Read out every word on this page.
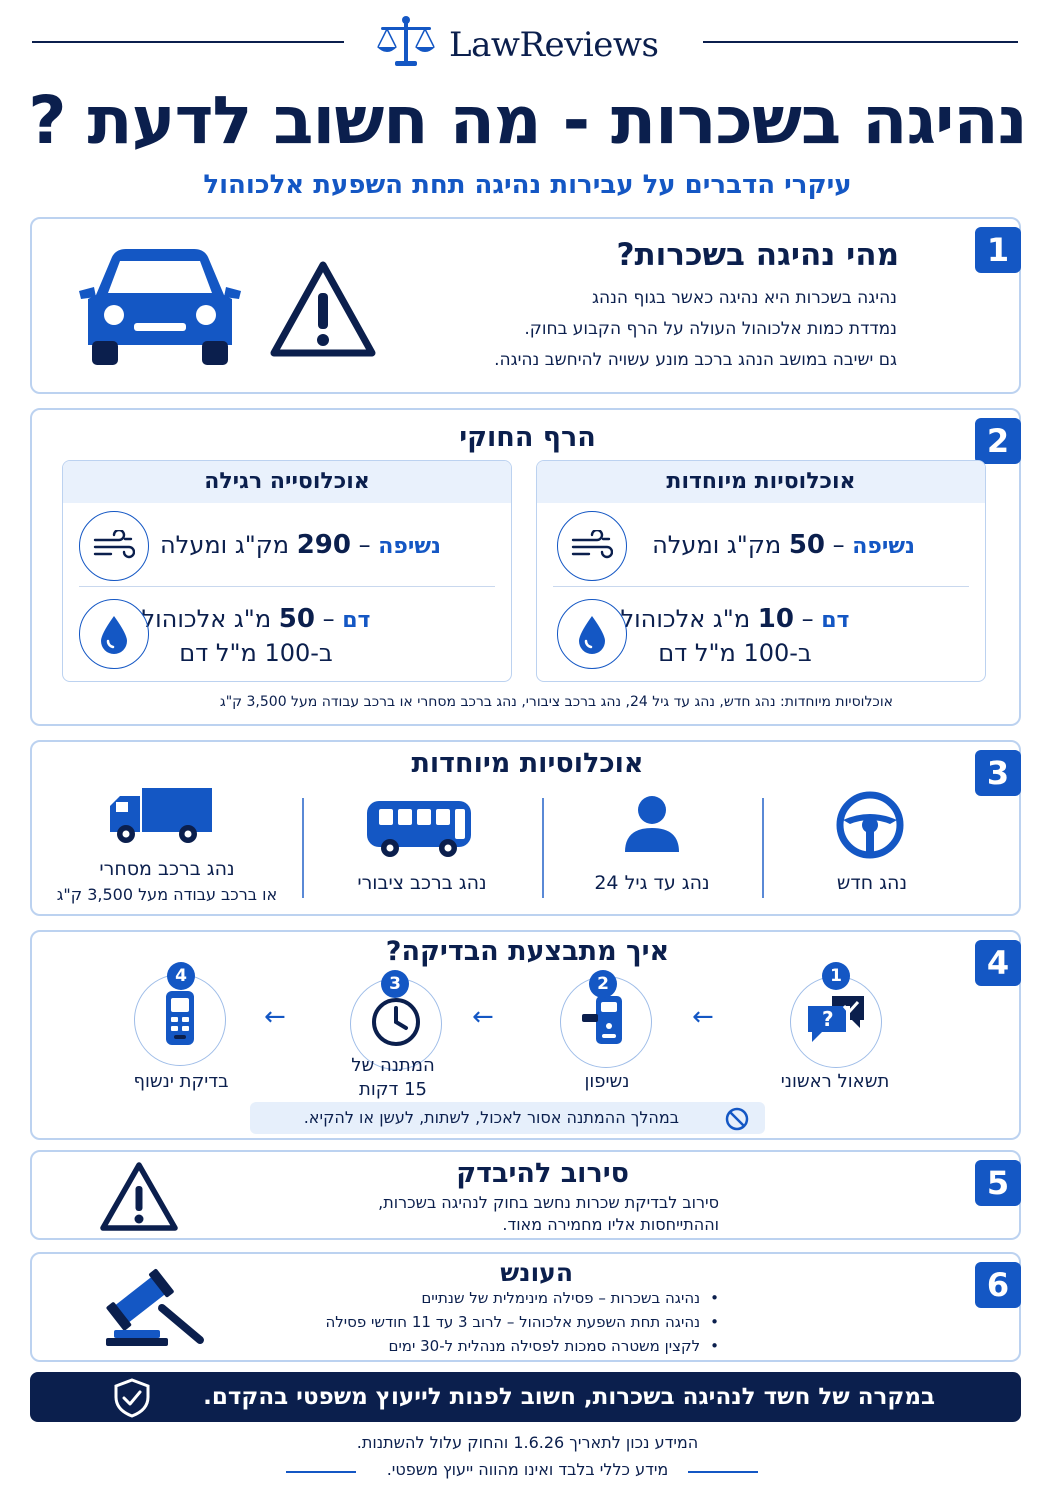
LawReviews
נהיגה בשכרות - מה חשוב לדעת ?
עיקרי הדברים על עבירות נהיגה תחת השפעת אלכוהול
1
מהי נהיגה בשכרות?
נהיגה בשכרות היא נהיגה כאשר בגוף הנהג
נמדדת כמות אלכוהול העולה על הרף הקבוע בחוק.
גם ישיבה במושב הנהג ברכב מונע עשויה להיחשב נהיגה.
2
הרף החוקי
אוכלוסיות מיוחדות
נשיפה – 50 מק"ג ומעלה
דם – 10 מ"ג אלכוהול
ב-100 מ"ל דם
אוכלוסייה רגילה
נשיפה – 290 מק"ג ומעלה
דם – 50 מ"ג אלכוהול
ב-100 מ"ל דם
אוכלוסיות מיוחדות: נהג חדש, נהג עד גיל 24, נהג ברכב ציבורי, נהג ברכב מסחרי או ברכב עבודה מעל 3,500 ק"ג
3
אוכלוסיות מיוחדות
נהג חדש
נהג עד גיל 24
נהג ברכב ציבורי
נהג ברכב מסחרי
או ברכב עבודה מעל 3,500 ק"ג
4
איך מתבצעת הבדיקה?
?
1
תשאול ראשוני
←
2
נשיפון
←
3
המתנה של
15 דקות
←
4
בדיקת ינשוף
במהלך ההמתנה אסור לאכול, לשתות, לעשן או להקיא.
5
סירוב להיבדק
סירוב לבדיקת שכרות נחשב בחוק לנהיגה בשכרות,
וההתייחסות אליו מחמירה מאוד.
6
העונש
• נהיגה בשכרות – פסילה מינימלית של שנתיים
• נהיגה תחת השפעת אלכוהול – לרוב 3 עד 11 חודשי פסילה
• לקצין משטרה סמכות לפסילה מנהלית ל-30 ימים
במקרה של חשד לנהיגה בשכרות, חשוב לפנות לייעוץ משפטי בהקדם.
המידע נכון לתאריך 1.6.26 והחוק עלול להשתנות.
מידע כללי בלבד ואינו מהווה ייעוץ משפטי.
